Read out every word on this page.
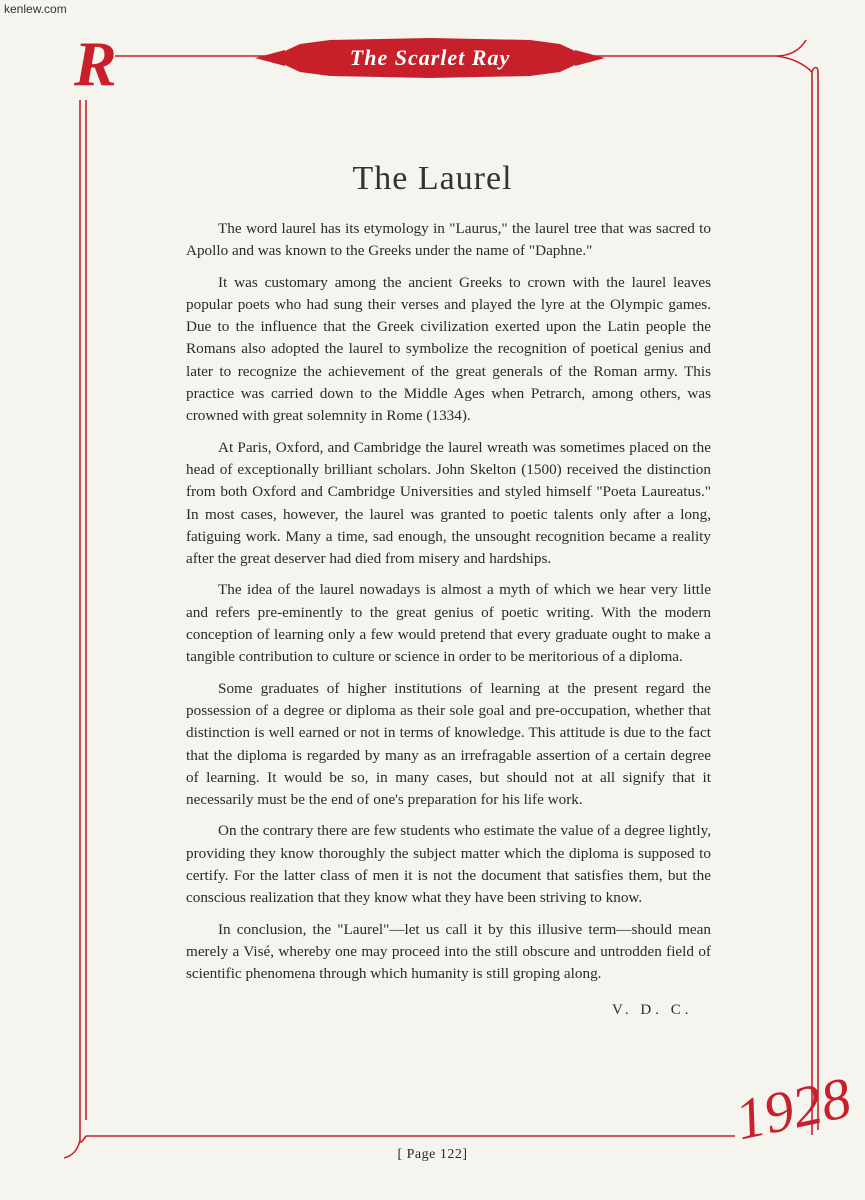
kenlew.com
R	The Scarlet Ray
The Laurel

The word laurel has its etymology in "Laurus," the laurel tree that was sacred to Apollo and was known to the Greeks under the name of "Daphne."

It was customary among the ancient Greeks to crown with the laurel leaves popular poets who had sung their verses and played the lyre at the Olympic games. Due to the influence that the Greek civilization exerted upon the Latin people the Romans also adopted the laurel to symbolize the recognition of poetical genius and later to recognize the achievement of the great generals of the Roman army. This practice was carried down to the Middle Ages when Petrarch, among others, was crowned with great solemnity in Rome (1334).

At Paris, Oxford, and Cambridge the laurel wreath was sometimes placed on the head of exceptionally brilliant scholars. John Skelton (1500) received the distinction from both Oxford and Cambridge Universities and styled himself "Poeta Laureatus." In most cases, however, the laurel was granted to poetic talents only after a long, fatiguing work. Many a time, sad enough, the unsought recognition became a reality after the great deserver had died from misery and hardships.

The idea of the laurel nowadays is almost a myth of which we hear very little and refers pre-eminently to the great genius of poetic writing. With the modern conception of learning only a few would pretend that every graduate ought to make a tangible contribution to culture or science in order to be meritorious of a diploma.

Some graduates of higher institutions of learning at the present regard the possession of a degree or diploma as their sole goal and pre-occupation, whether that distinction is well earned or not in terms of knowledge. This attitude is due to the fact that the diploma is regarded by many as an irrefragable assertion of a certain degree of learning. It would be so, in many cases, but should not at all signify that it necessarily must be the end of one's preparation for his life work.

On the contrary there are few students who estimate the value of a degree lightly, providing they know thoroughly the subject matter which the diploma is supposed to certify. For the latter class of men it is not the document that satisfies them, but the conscious realization that they know what they have been striving to know.

In conclusion, the "Laurel"—let us call it by this illusive term—should mean merely a Visé, whereby one may proceed into the still obscure and untrodden field of scientific phenomena through which humanity is still groping along.

V. D. C.
1928
[ Page 122]
